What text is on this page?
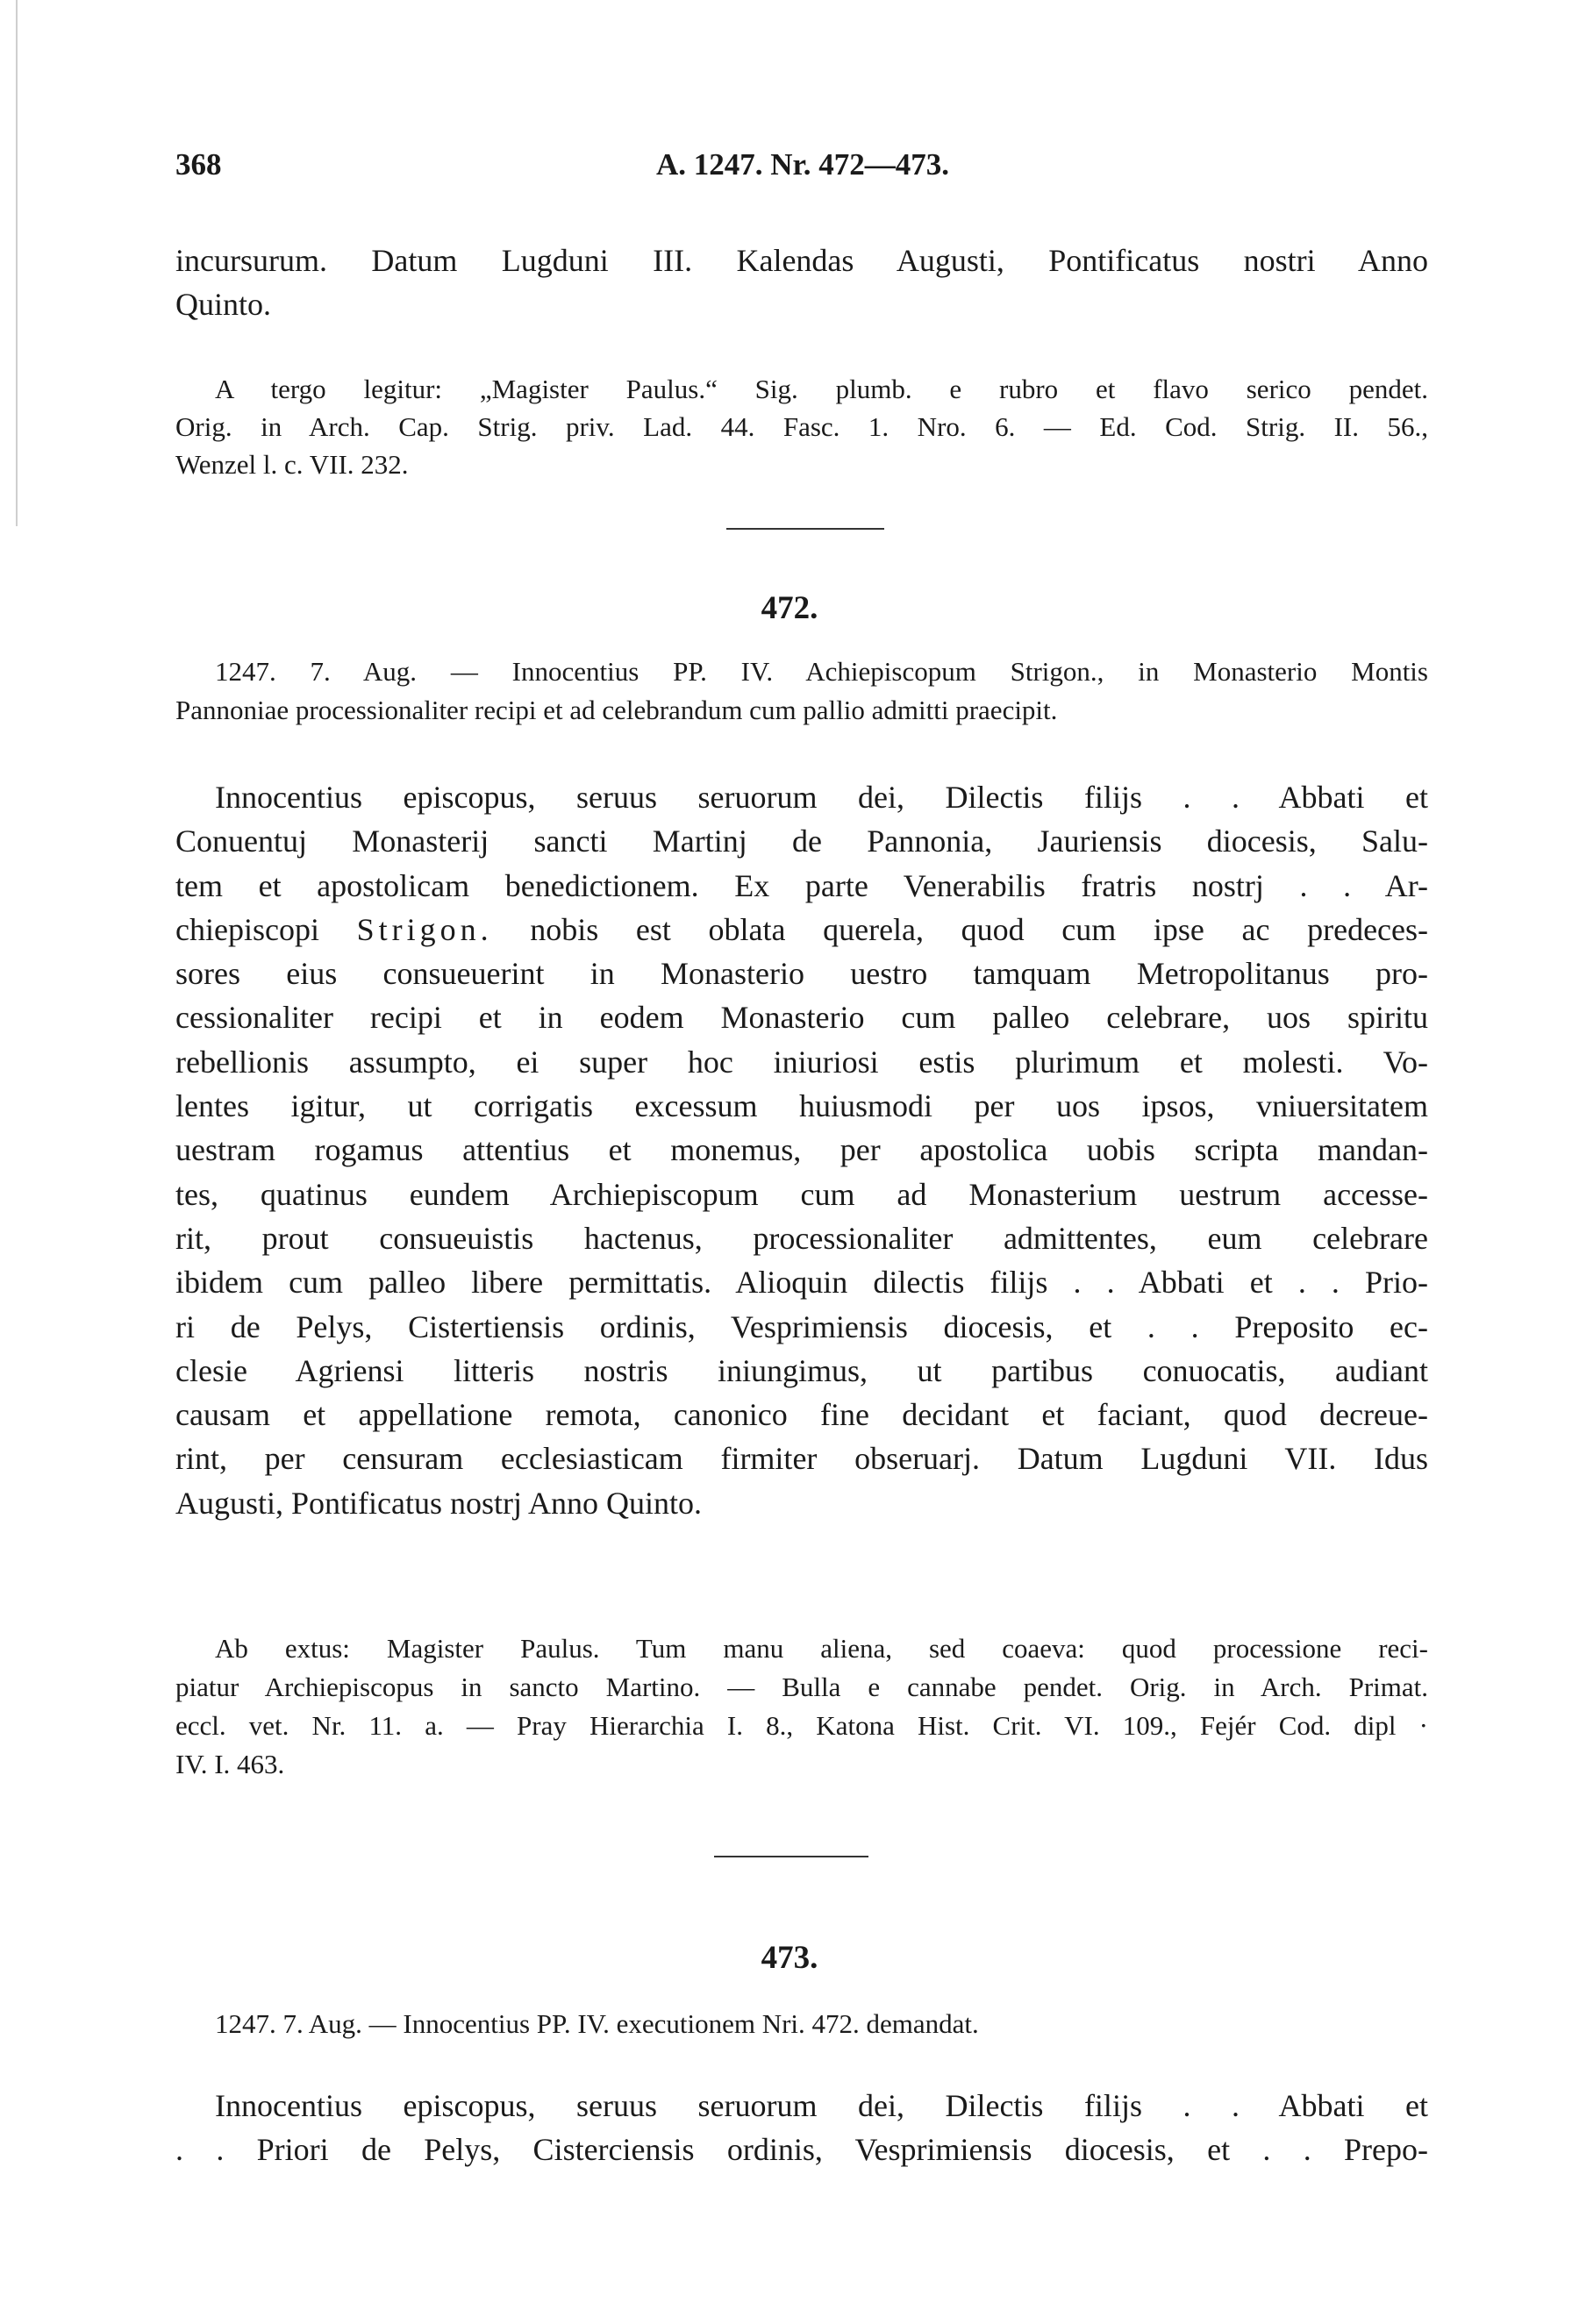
368	A. 1247. Nr. 472—473.
incursurum. Datum Lugduni III. Kalendas Augusti, Pontificatus nostri Anno
Quinto.
A tergo legitur: „Magister Paulus.“ Sig. plumb. e rubro et flavo serico pendet.
Orig. in Arch. Cap. Strig. priv. Lad. 44. Fasc. 1. Nro. 6. — Ed. Cod. Strig. II. 56.,
Wenzel l. c. VII. 232.
472.
1247. 7. Aug. — Innocentius PP. IV. Achiepiscopum Strigon., in Monasterio Montis
Pannoniae processionaliter recipi et ad celebrandum cum pallio admitti praecipit.
Innocentius episcopus, seruus seruorum dei, Dilectis filijs . . Abbati et
Conuentuj Monasterij sancti Martinj de Pannonia, Jauriensis diocesis, Salu-
tem et apostolicam benedictionem. Ex parte Venerabilis fratris nostrj . . Ar-
chiepiscopi Strigon. nobis est oblata querela, quod cum ipse ac predeces-
sores eius consueuerint in Monasterio uestro tamquam Metropolitanus pro-
cessionaliter recipi et in eodem Monasterio cum palleo celebrare, uos spiritu
rebellionis assumpto, ei super hoc iniuriosi estis plurimum et molesti. Vo-
lentes igitur, ut corrigatis excessum huiusmodi per uos ipsos, vniuersitatem
uestram rogamus attentius et monemus, per apostolica uobis scripta mandan-
tes, quatinus eundem Archiepiscopum cum ad Monasterium uestrum accesse-
rit, prout consueuistis hactenus, processionaliter admittentes, eum celebrare
ibidem cum palleo libere permittatis. Alioquin dilectis filijs . . Abbati et . . Prio-
ri de Pelys, Cistertiensis ordinis, Vesprimiensis diocesis, et . . Preposito ec-
clesie Agriensi litteris nostris iniungimus, ut partibus conuocatis, audiant
causam et appellatione remota, canonico fine decidant et faciant, quod decreue-
rint, per censuram ecclesiasticam firmiter obseruarj. Datum Lugduni VII. Idus
Augusti, Pontificatus nostrj Anno Quinto.
Ab extus: Magister Paulus. Tum manu aliena, sed coaeva: quod processione reci-
piatur Archiepiscopus in sancto Martino. — Bulla e cannabe pendet. Orig. in Arch. Primat.
eccl. vet. Nr. 11. a. — Pray Hierarchia I. 8., Katona Hist. Crit. VI. 109., Fejér Cod. dipl ·
IV. I. 463.
473.
1247. 7. Aug. — Innocentius PP. IV. executionem Nri. 472. demandat.
Innocentius episcopus, seruus seruorum dei, Dilectis filijs . . Abbati et
. . Priori de Pelys, Cisterciensis ordinis, Vesprimiensis diocesis, et . . Prepo-
